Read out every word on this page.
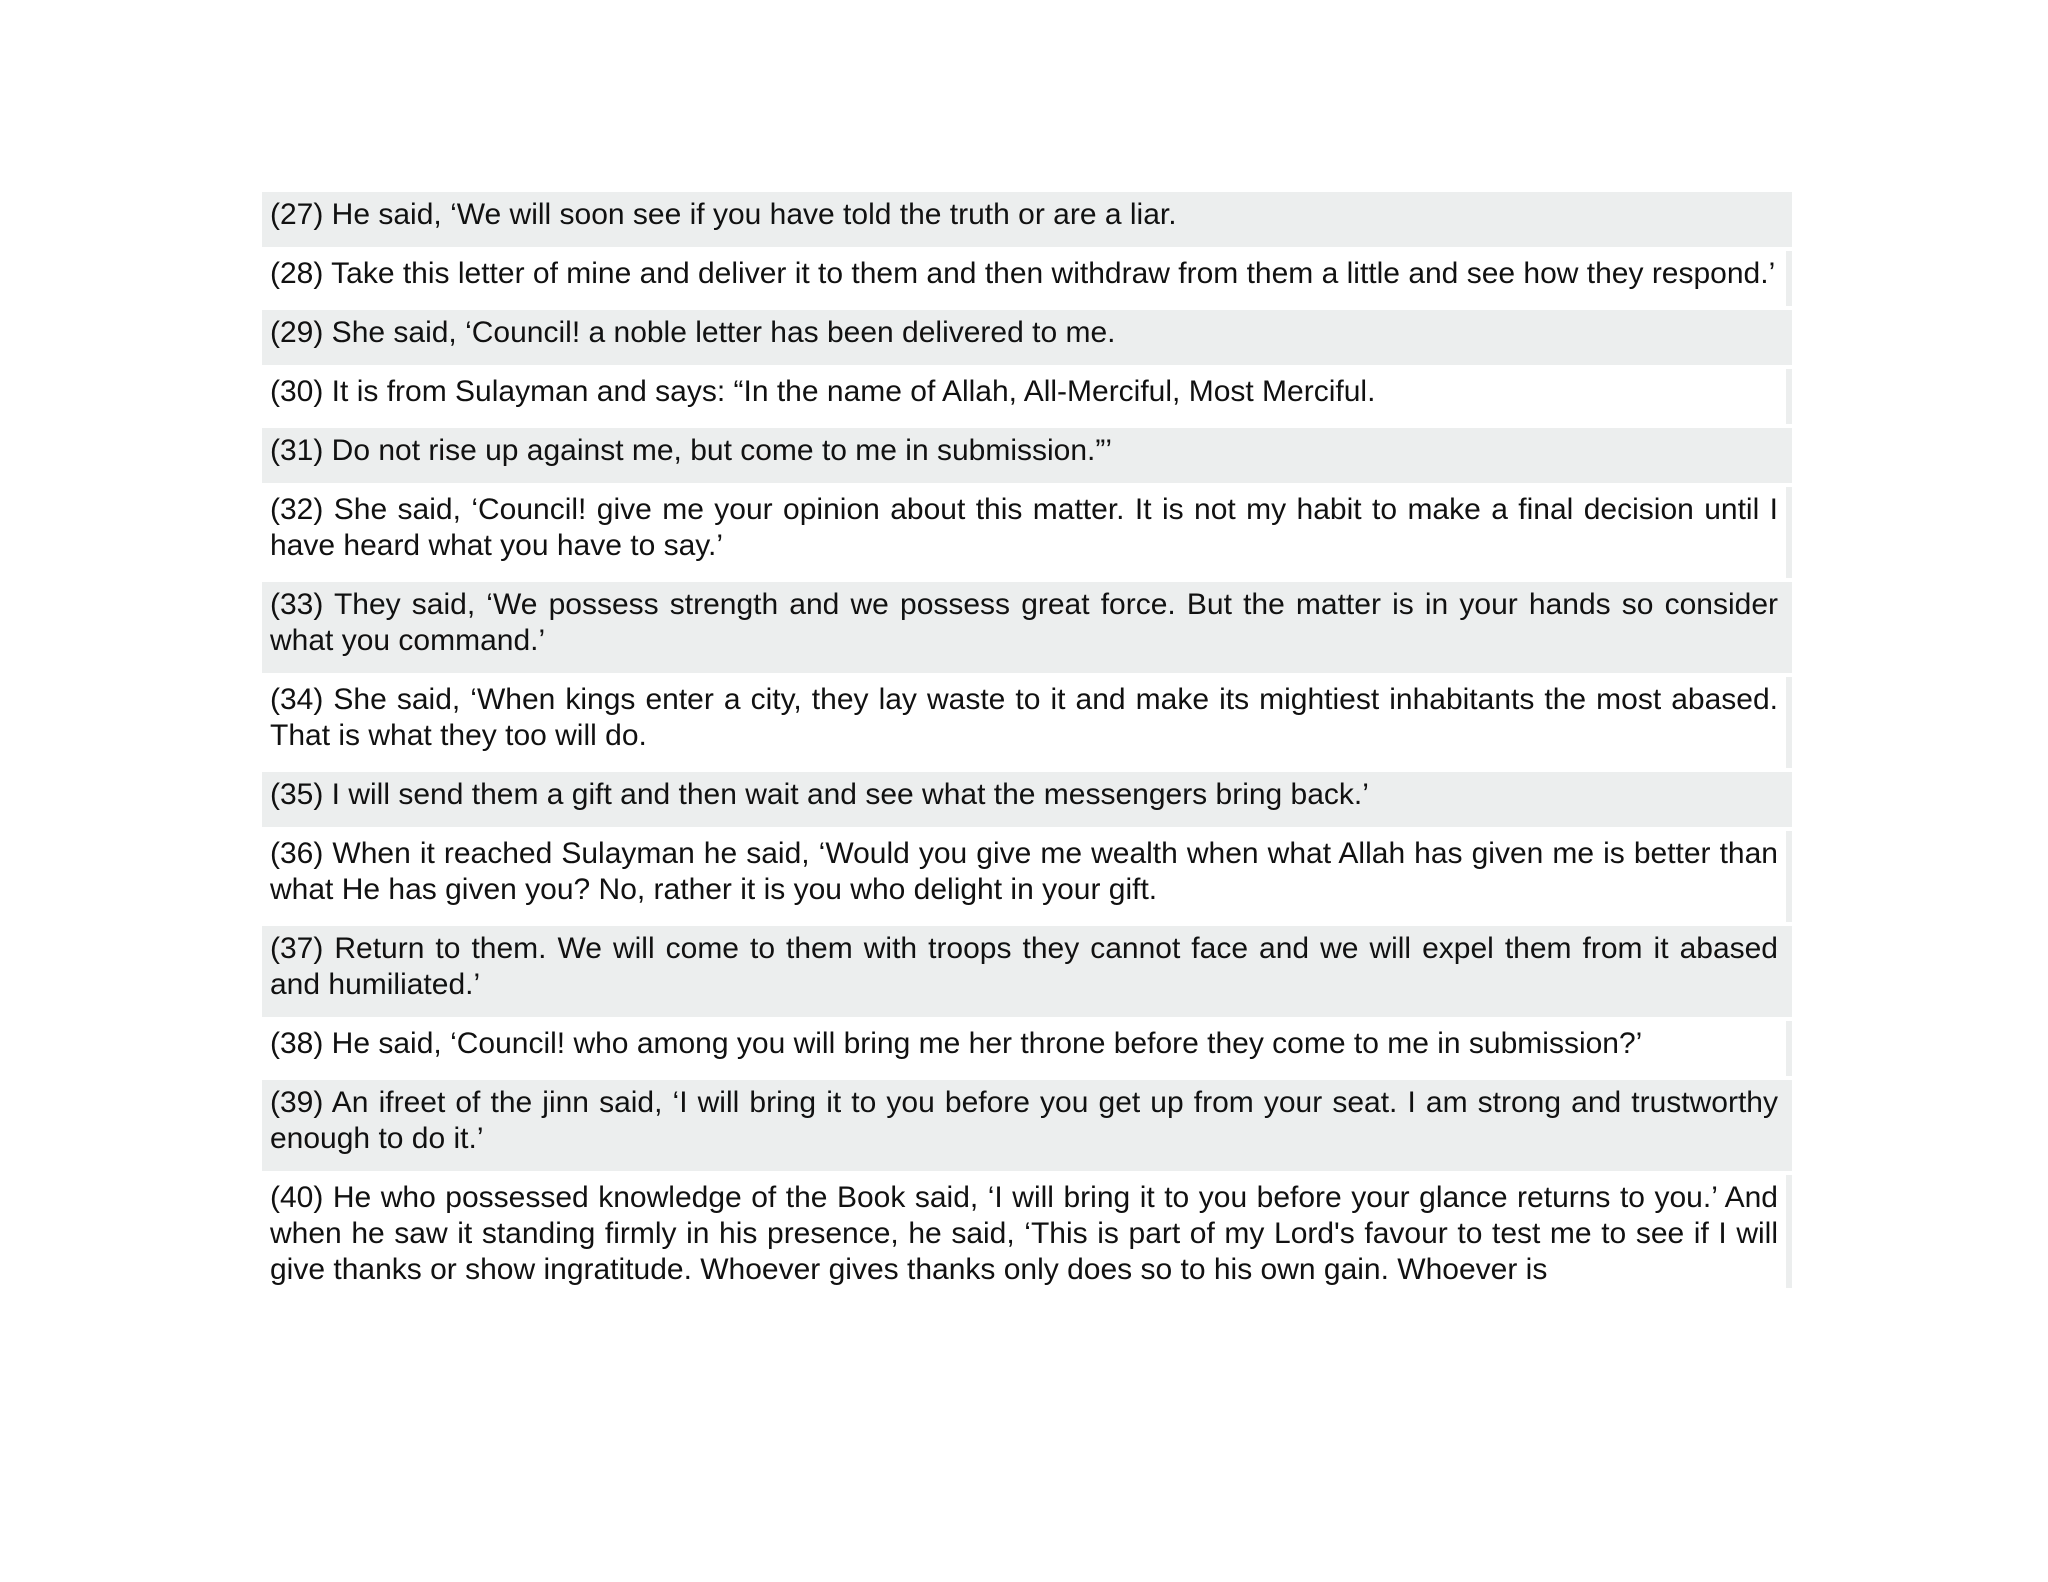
(27) He said, ‘We will soon see if you have told the truth or are a liar.
(28) Take this letter of mine and deliver it to them and then withdraw from them a little and see how they respond.’
(29) She said, ‘Council! a noble letter has been delivered to me.
(30) It is from Sulayman and says: “In the name of Allah, All-Merciful, Most Merciful.
(31) Do not rise up against me, but come to me in submission.”’
(32) She said, ‘Council! give me your opinion about this matter. It is not my habit to make a final decision until I have heard what you have to say.’
(33) They said, ‘We possess strength and we possess great force. But the matter is in your hands so consider what you command.’
(34) She said, ‘When kings enter a city, they lay waste to it and make its mightiest inhabitants the most abased. That is what they too will do.
(35) I will send them a gift and then wait and see what the messengers bring back.’
(36) When it reached Sulayman he said, ‘Would you give me wealth when what Allah has given me is better than what He has given you? No, rather it is you who delight in your gift.
(37) Return to them. We will come to them with troops they cannot face and we will expel them from it abased and humiliated.’
(38) He said, ‘Council! who among you will bring me her throne before they come to me in submission?’
(39) An ifreet of the jinn said, ‘I will bring it to you before you get up from your seat. I am strong and trustworthy enough to do it.’
(40) He who possessed knowledge of the Book said, ‘I will bring it to you before your glance returns to you.’ And when he saw it standing firmly in his presence, he said, ‘This is part of my Lord's favour to test me to see if I will give thanks or show ingratitude. Whoever gives thanks only does so to his own gain. Whoever is
